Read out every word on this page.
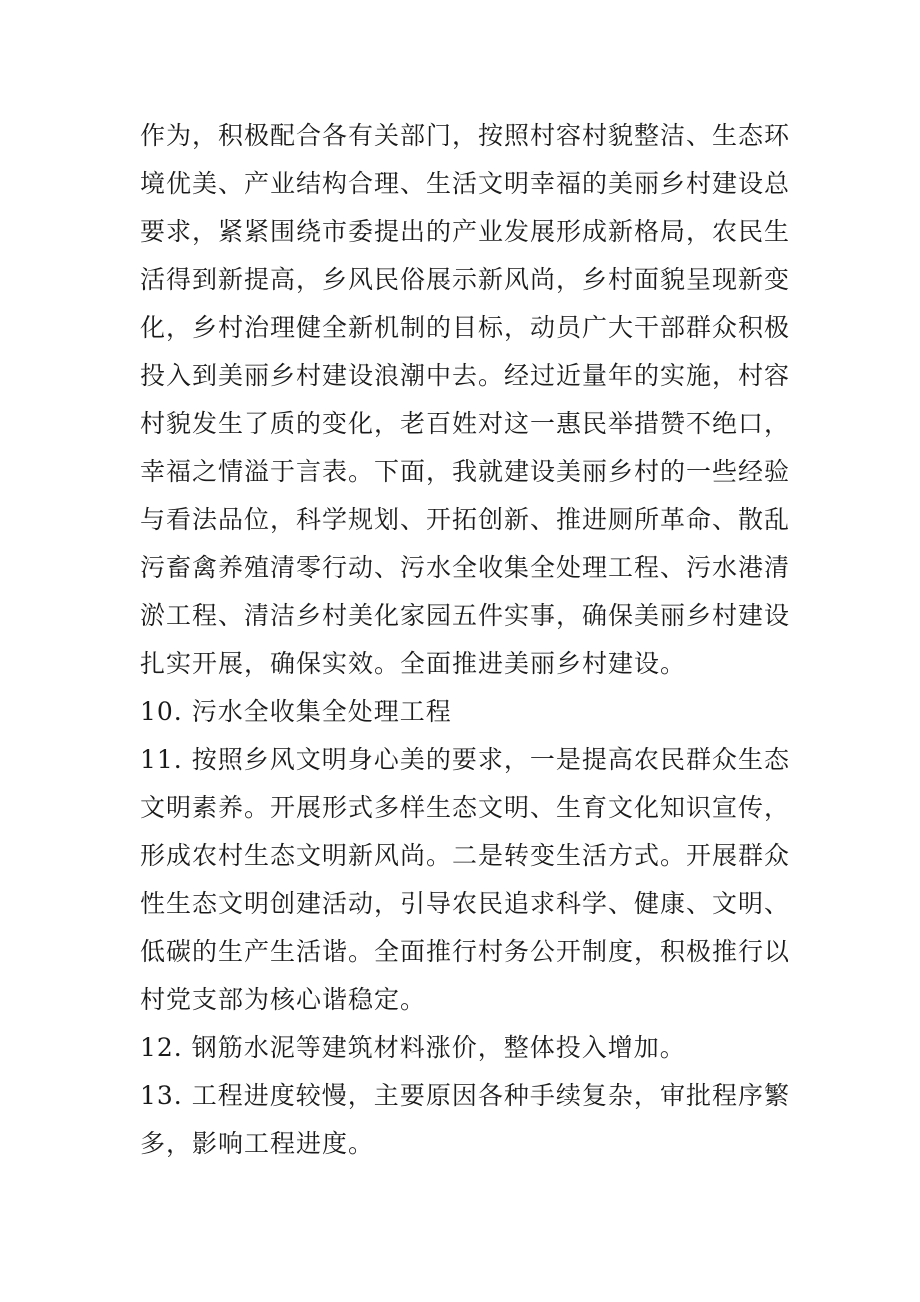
作为，积极配合各有关部门，按照村容村貌整洁、生态环境优美、产业结构合理、生活文明幸福的美丽乡村建设总要求，紧紧围绕市委提出的产业发展形成新格局，农民生活得到新提高，乡风民俗展示新风尚，乡村面貌呈现新变化，乡村治理健全新机制的目标，动员广大干部群众积极投入到美丽乡村建设浪潮中去。经过近量年的实施，村容村貌发生了质的变化，老百姓对这一惠民举措赞不绝口，幸福之情溢于言表。下面，我就建设美丽乡村的一些经验与看法品位，科学规划、开拓创新、推进厕所革命、散乱污畜禽养殖清零行动、污水全收集全处理工程、污水港清淤工程、清洁乡村美化家园五件实事，确保美丽乡村建设扎实开展，确保实效。全面推进美丽乡村建设。

10. 污水全收集全处理工程

11. 按照乡风文明身心美的要求，一是提高农民群众生态文明素养。开展形式多样生态文明、生育文化知识宣传，形成农村生态文明新风尚。二是转变生活方式。开展群众性生态文明创建活动，引导农民追求科学、健康、文明、低碳的生产生活谐。全面推行村务公开制度，积极推行以村党支部为核心谐稳定。

12. 钢筋水泥等建筑材料涨价，整体投入增加。

13. 工程进度较慢，主要原因各种手续复杂，审批程序繁多，影响工程进度。
